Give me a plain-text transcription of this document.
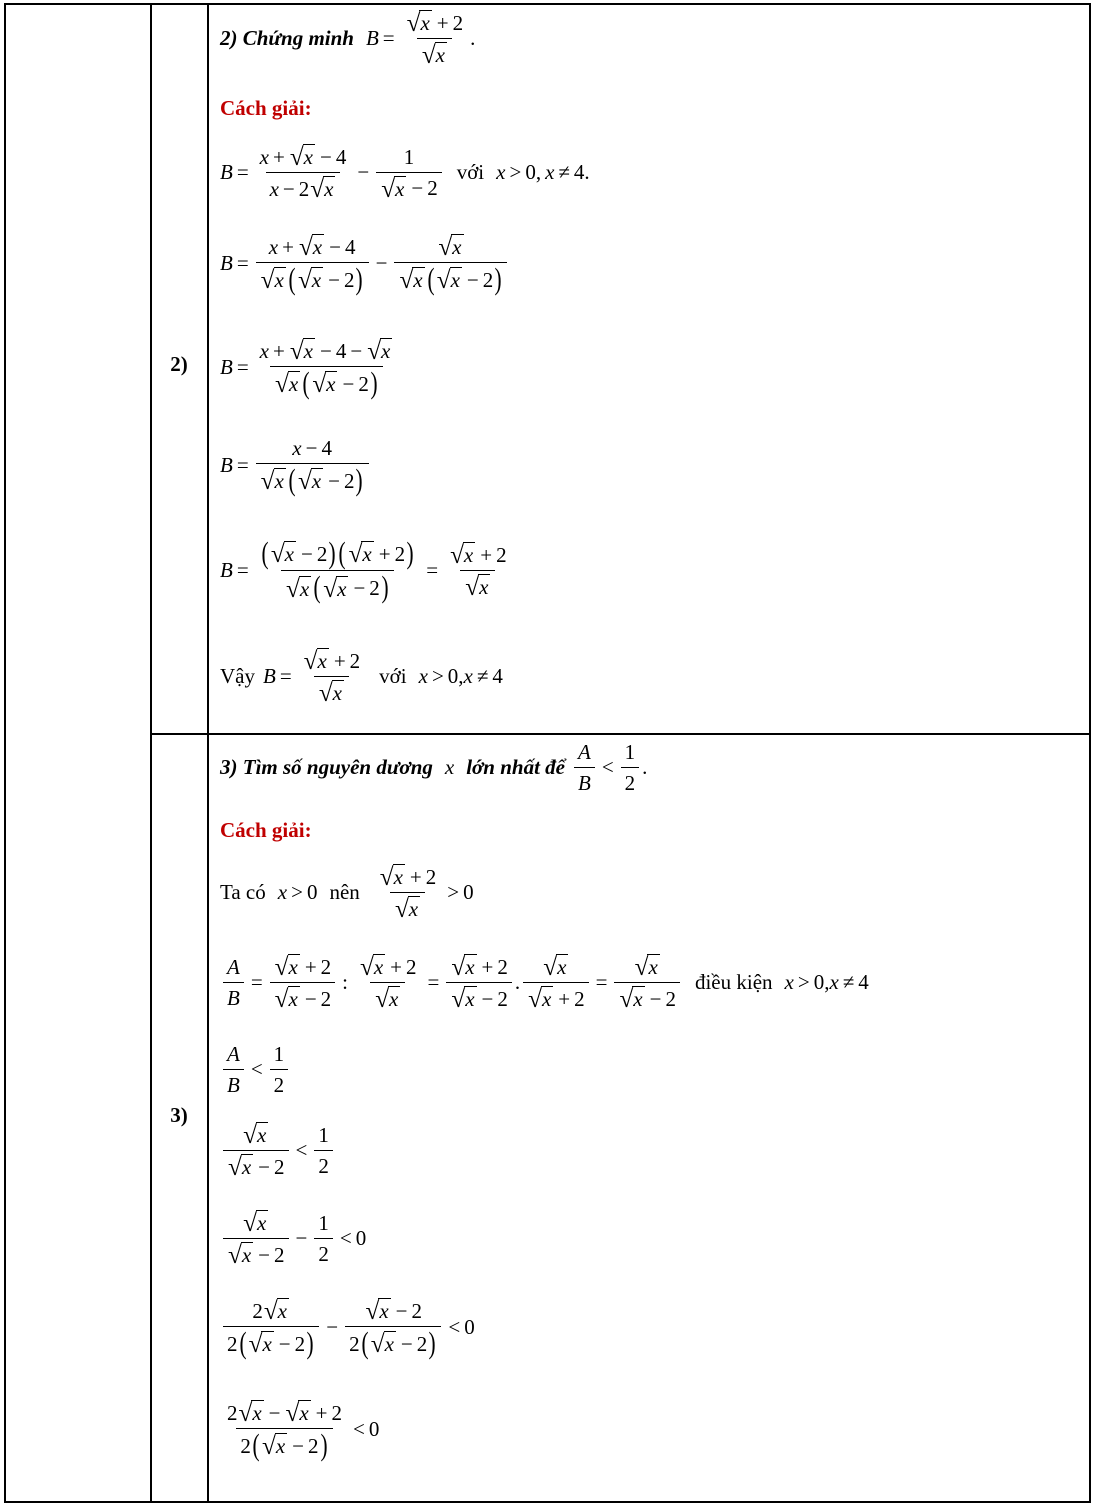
2)
3)
2) Chứng minh $B = \frac{√ x + 2}{√ x}$ .
Cách giải:
$B = \frac{x + √ x - 4}{x - 2 √ x} - \frac{1}{√ x - 2}$ với x > 0 , x ≠ 4 .
$B = \frac{x + √ x - 4}{√ x ( √ x - 2 )} - \frac{√ x}{√ x ( √ x - 2 )}$
$B = \frac{x + √ x - 4 - √ x}{√ x ( √ x - 2 )}$
$B = \frac{x - 4}{√ x ( √ x - 2 )}$
$B = \frac{( √ x - 2 ) ( √ x + 2 )}{√ x ( √ x - 2 )} = \frac{√ x + 2}{√ x}$
Vậy $B = \frac{√ x + 2}{√ x}$ với x > 0 , x ≠ 4
3) Tìm số nguyên dương x lớn nhất để $\frac{A}{B} < \frac{1}{2}$ .
Cách giải:
Ta có x > 0 nên $\frac{√ x + 2}{√ x} > 0$
$\frac{A}{B} = \frac{√ x + 2}{√ x - 2}$ : $\frac{√ x + 2}{√ x} = \frac{√ x + 2}{√ x - 2}$ . $\frac{√ x}{√ x + 2} = \frac{√ x}{√ x - 2}$ điều kiện x > 0 , x ≠ 4
$\frac{A}{B} < \frac{1}{2}$
$\frac{√ x}{√ x - 2} < \frac{1}{2}$
$\frac{√ x}{√ x - 2} - \frac{1}{2} < 0$
$\frac{2 √ x}{2 ( √ x - 2 )} - \frac{√ x - 2}{2 ( √ x - 2 )} < 0$
$\frac{2 √ x - √ x + 2}{2 ( √ x - 2 )} < 0$
